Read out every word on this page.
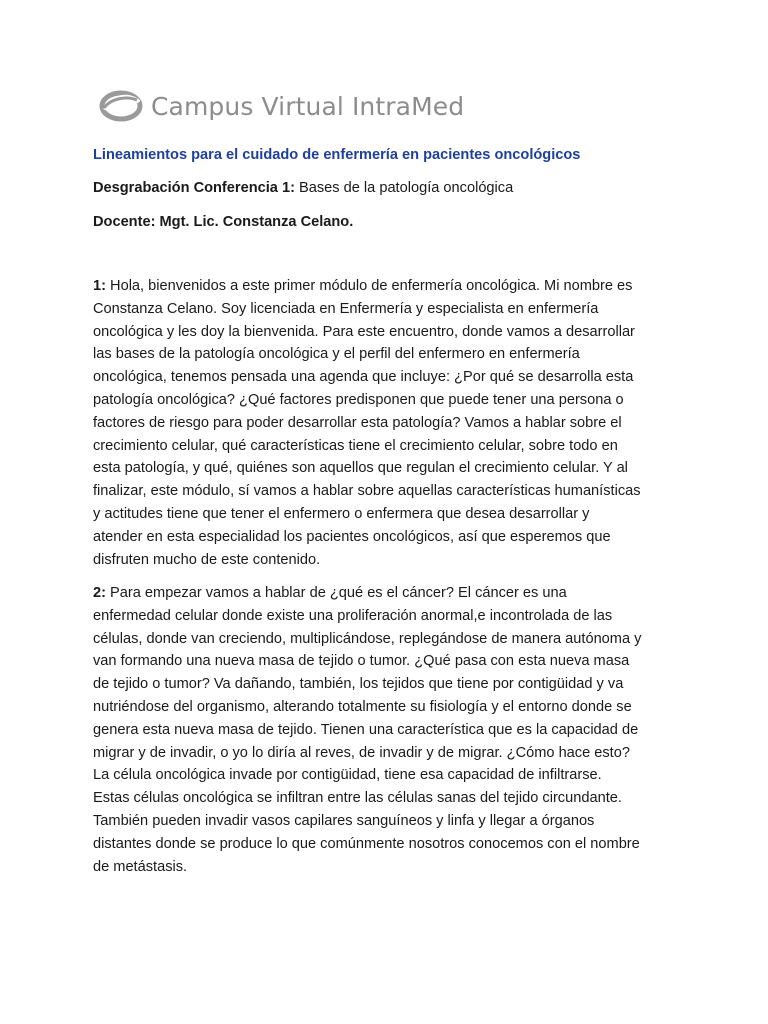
Campus Virtual IntraMed
Lineamientos para el cuidado de enfermería en pacientes oncológicos
Desgrabación Conferencia 1: Bases de la patología oncológica
Docente: Mgt. Lic. Constanza Celano.

1: Hola, bienvenidos a este primer módulo de enfermería oncológica. Mi nombre es
Constanza Celano. Soy licenciada en Enfermería y especialista en enfermería
oncológica y les doy la bienvenida. Para este encuentro, donde vamos a desarrollar
las bases de la patología oncológica y el perfil del enfermero en enfermería
oncológica, tenemos pensada una agenda que incluye: ¿Por qué se desarrolla esta
patología oncológica? ¿Qué factores predisponen que puede tener una persona o
factores de riesgo para poder desarrollar esta patología? Vamos a hablar sobre el
crecimiento celular, qué características tiene el crecimiento celular, sobre todo en
esta patología, y qué, quiénes son aquellos que regulan el crecimiento celular. Y al
finalizar, este módulo, sí vamos a hablar sobre aquellas características humanísticas
y actitudes tiene que tener el enfermero o enfermera que desea desarrollar y
atender en esta especialidad los pacientes oncológicos, así que esperemos que
disfruten mucho de este contenido.

2: Para empezar vamos a hablar de ¿qué es el cáncer? El cáncer es una
enfermedad celular donde existe una proliferación anormal,e incontrolada de las
células, donde van creciendo, multiplicándose, replegándose de manera autónoma y
van formando una nueva masa de tejido o tumor. ¿Qué pasa con esta nueva masa
de tejido o tumor? Va dañando, también, los tejidos que tiene por contigüidad y va
nutriéndose del organismo, alterando totalmente su fisiología y el entorno donde se
genera esta nueva masa de tejido. Tienen una característica que es la capacidad de
migrar y de invadir, o yo lo diría al reves, de invadir y de migrar. ¿Cómo hace esto?
La célula oncológica invade por contigüidad, tiene esa capacidad de infiltrarse.
Estas células oncológica se infiltran entre las células sanas del tejido circundante.
También pueden invadir vasos capilares sanguíneos y linfa y llegar a órganos
distantes donde se produce lo que comúnmente nosotros conocemos con el nombre
de metástasis.
